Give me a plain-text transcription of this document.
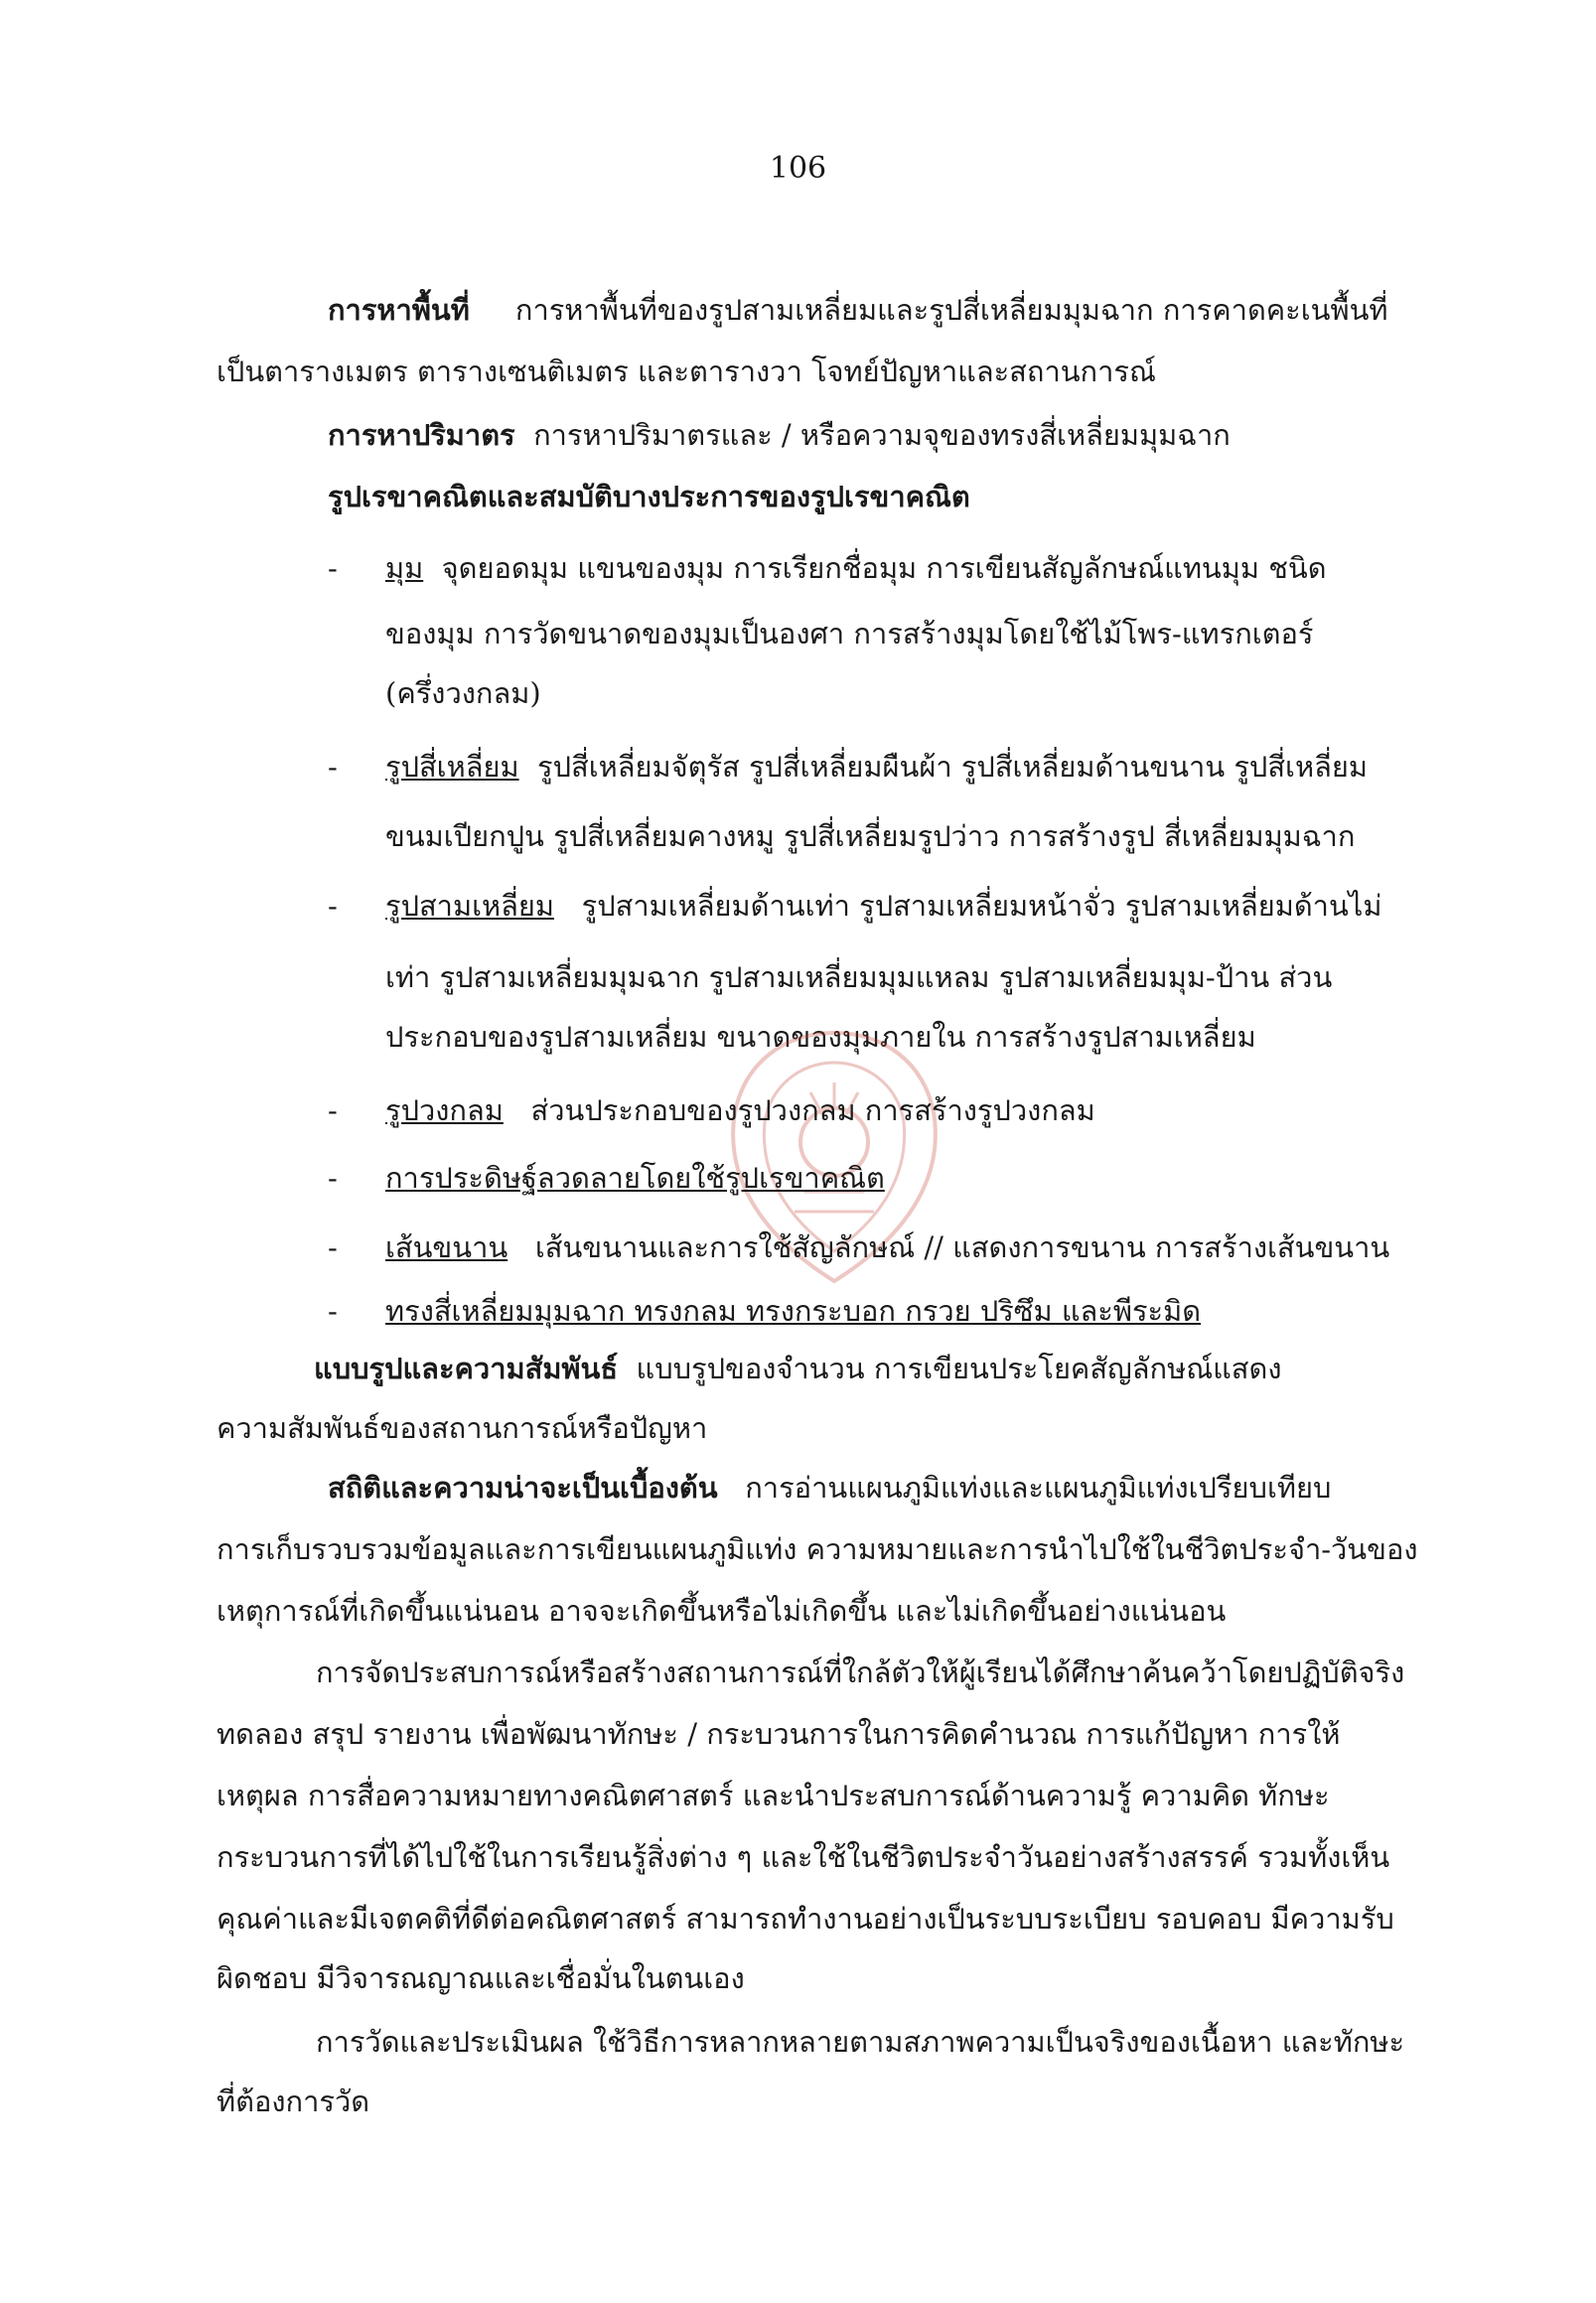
106
การหาพื้นที่ การหาพื้นที่ของรูปสามเหลี่ยมและรูปสี่เหลี่ยมมุมฉาก การคาดคะเนพื้นที่
เป็นตารางเมตร ตารางเซนติเมตร และตารางวา โจทย์ปัญหาและสถานการณ์
การหาปริมาตร การหาปริมาตรและ / หรือความจุของทรงสี่เหลี่ยมมุมฉาก
รูปเรขาคณิตและสมบัติบางประการของรูปเรขาคณิต
- มุม จุดยอดมุม แขนของมุม การเรียกชื่อมุม การเขียนสัญลักษณ์แทนมุม ชนิด
ของมุม การวัดขนาดของมุมเป็นองศา การสร้างมุมโดยใช้ไม้โพร-แทรกเตอร์
(ครึ่งวงกลม)
- รูปสี่เหลี่ยม รูปสี่เหลี่ยมจัตุรัส รูปสี่เหลี่ยมผืนผ้า รูปสี่เหลี่ยมด้านขนาน รูปสี่เหลี่ยม
ขนมเปียกปูน รูปสี่เหลี่ยมคางหมู รูปสี่เหลี่ยมรูปว่าว การสร้างรูป สี่เหลี่ยมมุมฉาก
- รูปสามเหลี่ยม รูปสามเหลี่ยมด้านเท่า รูปสามเหลี่ยมหน้าจั่ว รูปสามเหลี่ยมด้านไม่
เท่า รูปสามเหลี่ยมมุมฉาก รูปสามเหลี่ยมมุมแหลม รูปสามเหลี่ยมมุม-ป้าน ส่วน
ประกอบของรูปสามเหลี่ยม ขนาดของมุมภายใน การสร้างรูปสามเหลี่ยม
- รูปวงกลม ส่วนประกอบของรูปวงกลม การสร้างรูปวงกลม
- การประดิษฐ์ลวดลายโดยใช้รูปเรขาคณิต
- เส้นขนาน เส้นขนานและการใช้สัญลักษณ์ // แสดงการขนาน การสร้างเส้นขนาน
- ทรงสี่เหลี่ยมมุมฉาก ทรงกลม ทรงกระบอก กรวย ปริซึม และพีระมิด
แบบรูปและความสัมพันธ์ แบบรูปของจำนวน การเขียนประโยคสัญลักษณ์แสดง
ความสัมพันธ์ของสถานการณ์หรือปัญหา
สถิติและความน่าจะเป็นเบื้องต้น การอ่านแผนภูมิแท่งและแผนภูมิแท่งเปรียบเทียบ
การเก็บรวบรวมข้อมูลและการเขียนแผนภูมิแท่ง ความหมายและการนำไปใช้ในชีวิตประจำ-วันของ
เหตุการณ์ที่เกิดขึ้นแน่นอน อาจจะเกิดขึ้นหรือไม่เกิดขึ้น และไม่เกิดขึ้นอย่างแน่นอน
การจัดประสบการณ์หรือสร้างสถานการณ์ที่ใกล้ตัวให้ผู้เรียนได้ศึกษาค้นคว้าโดยปฏิบัติจริง
ทดลอง สรุป รายงาน เพื่อพัฒนาทักษะ / กระบวนการในการคิดคำนวณ การแก้ปัญหา การให้
เหตุผล การสื่อความหมายทางคณิตศาสตร์ และนำประสบการณ์ด้านความรู้ ความคิด ทักษะ
กระบวนการที่ได้ไปใช้ในการเรียนรู้สิ่งต่าง ๆ และใช้ในชีวิตประจำวันอย่างสร้างสรรค์ รวมทั้งเห็น
คุณค่าและมีเจตคติที่ดีต่อคณิตศาสตร์ สามารถทำงานอย่างเป็นระบบระเบียบ รอบคอบ มีความรับ
ผิดชอบ มีวิจารณญาณและเชื่อมั่นในตนเอง
การวัดและประเมินผล ใช้วิธีการหลากหลายตามสภาพความเป็นจริงของเนื้อหา และทักษะ
ที่ต้องการวัด
